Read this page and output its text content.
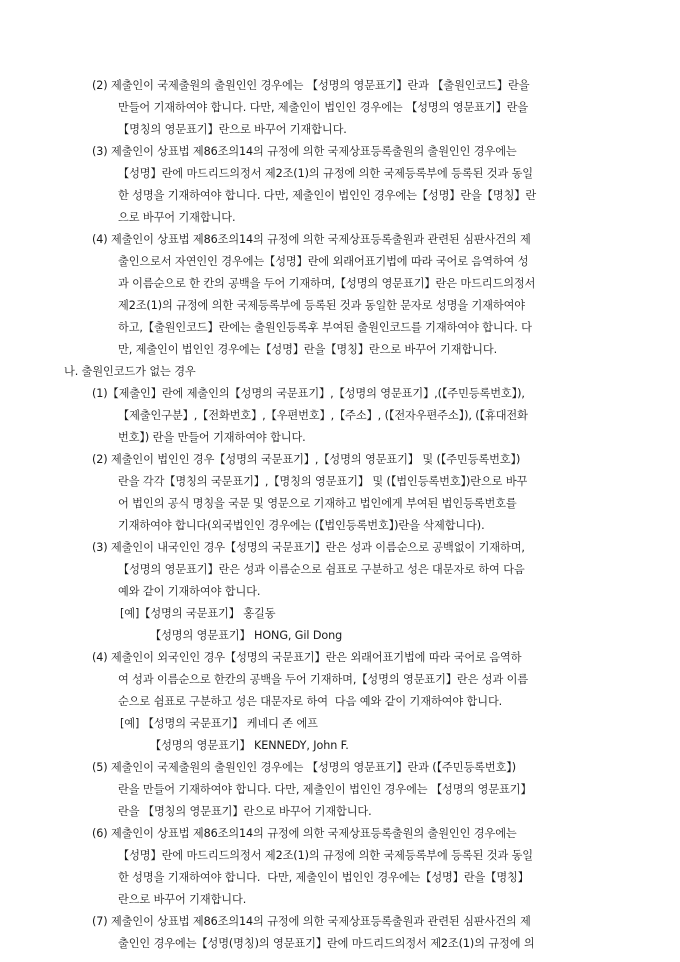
(2) 제출인이 국제출원의 출원인인 경우에는 【성명의 영문표기】란과 【출원인코드】란을
만들어 기재하여야 합니다. 다만, 제출인이 법인인 경우에는 【성명의 영문표기】란을
【명칭의 영문표기】란으로 바꾸어 기재합니다.
(3) 제출인이 상표법 제86조의14의 규정에 의한 국제상표등록출원의 출원인인 경우에는
【성명】란에 마드리드의정서 제2조(1)의 규정에 의한 국제등록부에 등록된 것과 동일
한 성명을 기재하여야 합니다. 다만, 제출인이 법인인 경우에는【성명】란을【명칭】란
으로 바꾸어 기재합니다.
(4) 제출인이 상표법 제86조의14의 규정에 의한 국제상표등록출원과 관련된 심판사건의 제
출인으로서 자연인인 경우에는【성명】란에 외래어표기법에 따라 국어로 음역하여 성
과 이름순으로 한 칸의 공백을 두어 기재하며,【성명의 영문표기】란은 마드리드의정서
제2조(1)의 규정에 의한 국제등록부에 등록된 것과 동일한 문자로 성명을 기재하여야
하고,【출원인코드】란에는 출원인등록후 부여된 출원인코드를 기재하여야 합니다. 다
만, 제출인이 법인인 경우에는【성명】란을【명칭】란으로 바꾸어 기재합니다.
나. 출원인코드가 없는 경우
(1)【제출인】란에 제출인의【성명의 국문표기】,【성명의 영문표기】,(【주민등록번호】),
【제출인구분】,【전화번호】,【우편번호】,【주소】, (【전자우편주소】), (【휴대전화
번호】) 란을 만들어 기재하여야 합니다.
(2) 제출인이 법인인 경우【성명의 국문표기】,【성명의 영문표기】 및 (【주민등록번호】)
란을 각각【명칭의 국문표기】,【명칭의 영문표기】 및 (【법인등록번호】)란으로 바꾸
어 법인의 공식 명칭을 국문 및 영문으로 기재하고 법인에게 부여된 법인등록번호를
기재하여야 합니다(외국법인인 경우에는 (【법인등록번호】)란을 삭제합니다).
(3) 제출인이 내국인인 경우【성명의 국문표기】란은 성과 이름순으로 공백없이 기재하며,
【성명의 영문표기】란은 성과 이름순으로 쉼표로 구분하고 성은 대문자로 하여 다음
예와 같이 기재하여야 합니다.
[예]【성명의 국문표기】 홍길동
【성명의 영문표기】 HONG, Gil Dong
(4) 제출인이 외국인인 경우【성명의 국문표기】란은 외래어표기법에 따라 국어로 음역하
여 성과 이름순으로 한칸의 공백을 두어 기재하며,【성명의 영문표기】란은 성과 이름
순으로 쉼표로 구분하고 성은 대문자로 하여  다음 예와 같이 기재하여야 합니다.
[예] 【성명의 국문표기】 케네디 존 에프
【성명의 영문표기】 KENNEDY, John F.
(5) 제출인이 국제출원의 출원인인 경우에는 【성명의 영문표기】란과 (【주민등록번호】)
란을 만들어 기재하여야 합니다. 다만, 제출인이 법인인 경우에는 【성명의 영문표기】
란을 【명칭의 영문표기】란으로 바꾸어 기재합니다.
(6) 제출인이 상표법 제86조의14의 규정에 의한 국제상표등록출원의 출원인인 경우에는
【성명】란에 마드리드의정서 제2조(1)의 규정에 의한 국제등록부에 등록된 것과 동일
한 성명을 기재하여야 합니다.  다만, 제출인이 법인인 경우에는【성명】란을【명칭】
란으로 바꾸어 기재합니다.
(7) 제출인이 상표법 제86조의14의 규정에 의한 국제상표등록출원과 관련된 심판사건의 제
출인인 경우에는【성명(명칭)의 영문표기】란에 마드리드의정서 제2조(1)의 규정에 의
